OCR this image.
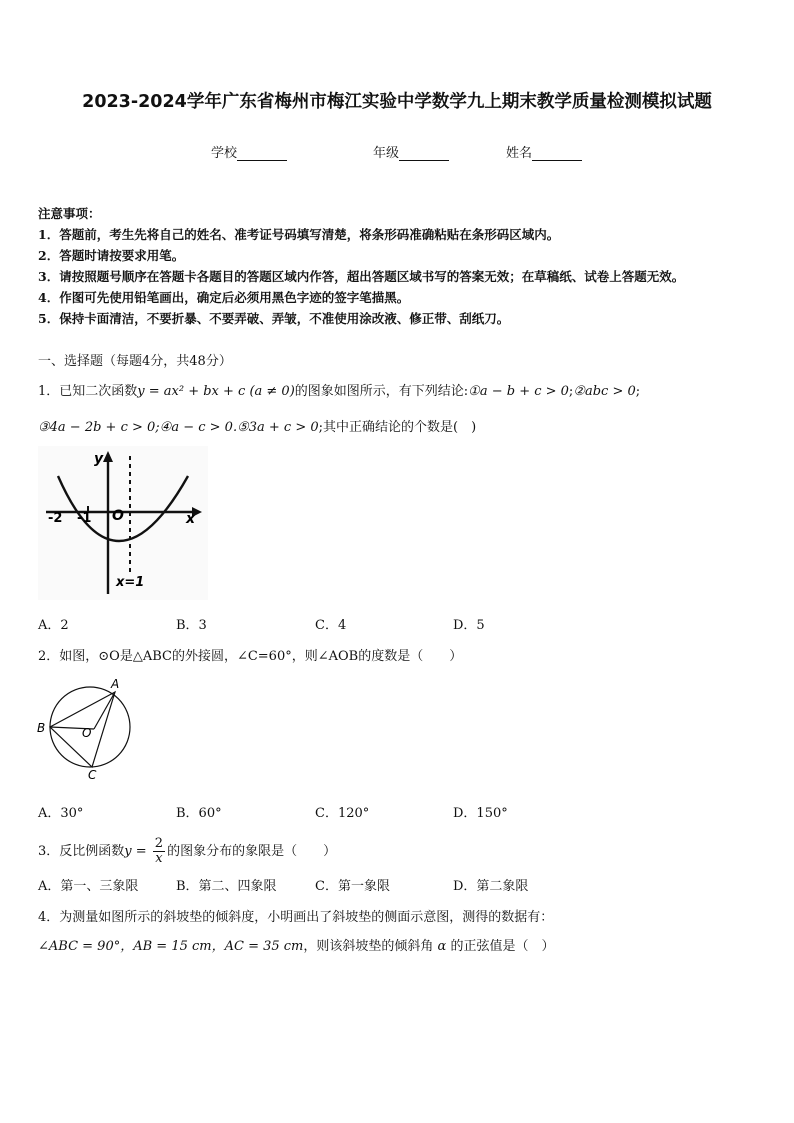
2023-2024学年广东省梅州市梅江实验中学数学九上期末教学质量检测模拟试题
学校	年级	姓名
注意事项：
1．答题前，考生先将自己的姓名、准考证号码填写清楚，将条形码准确粘贴在条形码区域内。
2．答题时请按要求用笔。
3．请按照题号顺序在答题卡各题目的答题区域内作答，超出答题区域书写的答案无效；在草稿纸、试卷上答题无效。
4．作图可先使用铅笔画出，确定后必须用黑色字迹的签字笔描黑。
5．保持卡面清洁，不要折暴、不要弄破、弄皱，不准使用涂改液、修正带、刮纸刀。
一、选择题（每题4分，共48分）
1．已知二次函数y = ax² + bx + c (a ≠ 0)的图象如图所示，有下列结论:①a − b + c > 0;②abc > 0;
③4a − 2b + c > 0;④a − c > 0.⑤3a + c > 0;其中正确结论的个数是(　)
y
x
O
-2 -1
x=1
A．2	B．3	C．4	D．5
2．如图，⊙O是△ABC的外接圆，∠C=60°，则∠AOB的度数是（　　）
A
B
C
O
A．30°	B．60°	C．120°	D．150°
3．反比例函数$y = \frac{2}{x}$ 的图象分布的象限是（　　）
A．第一、三象限	B．第二、四象限	C．第一象限	D．第二象限
4．为测量如图所示的斜坡垫的倾斜度，小明画出了斜坡垫的侧面示意图，测得的数据有：
∠ABC = 90°，AB = 15 cm，AC = 35 cm，则该斜坡垫的倾斜角 α 的正弦值是（　）
